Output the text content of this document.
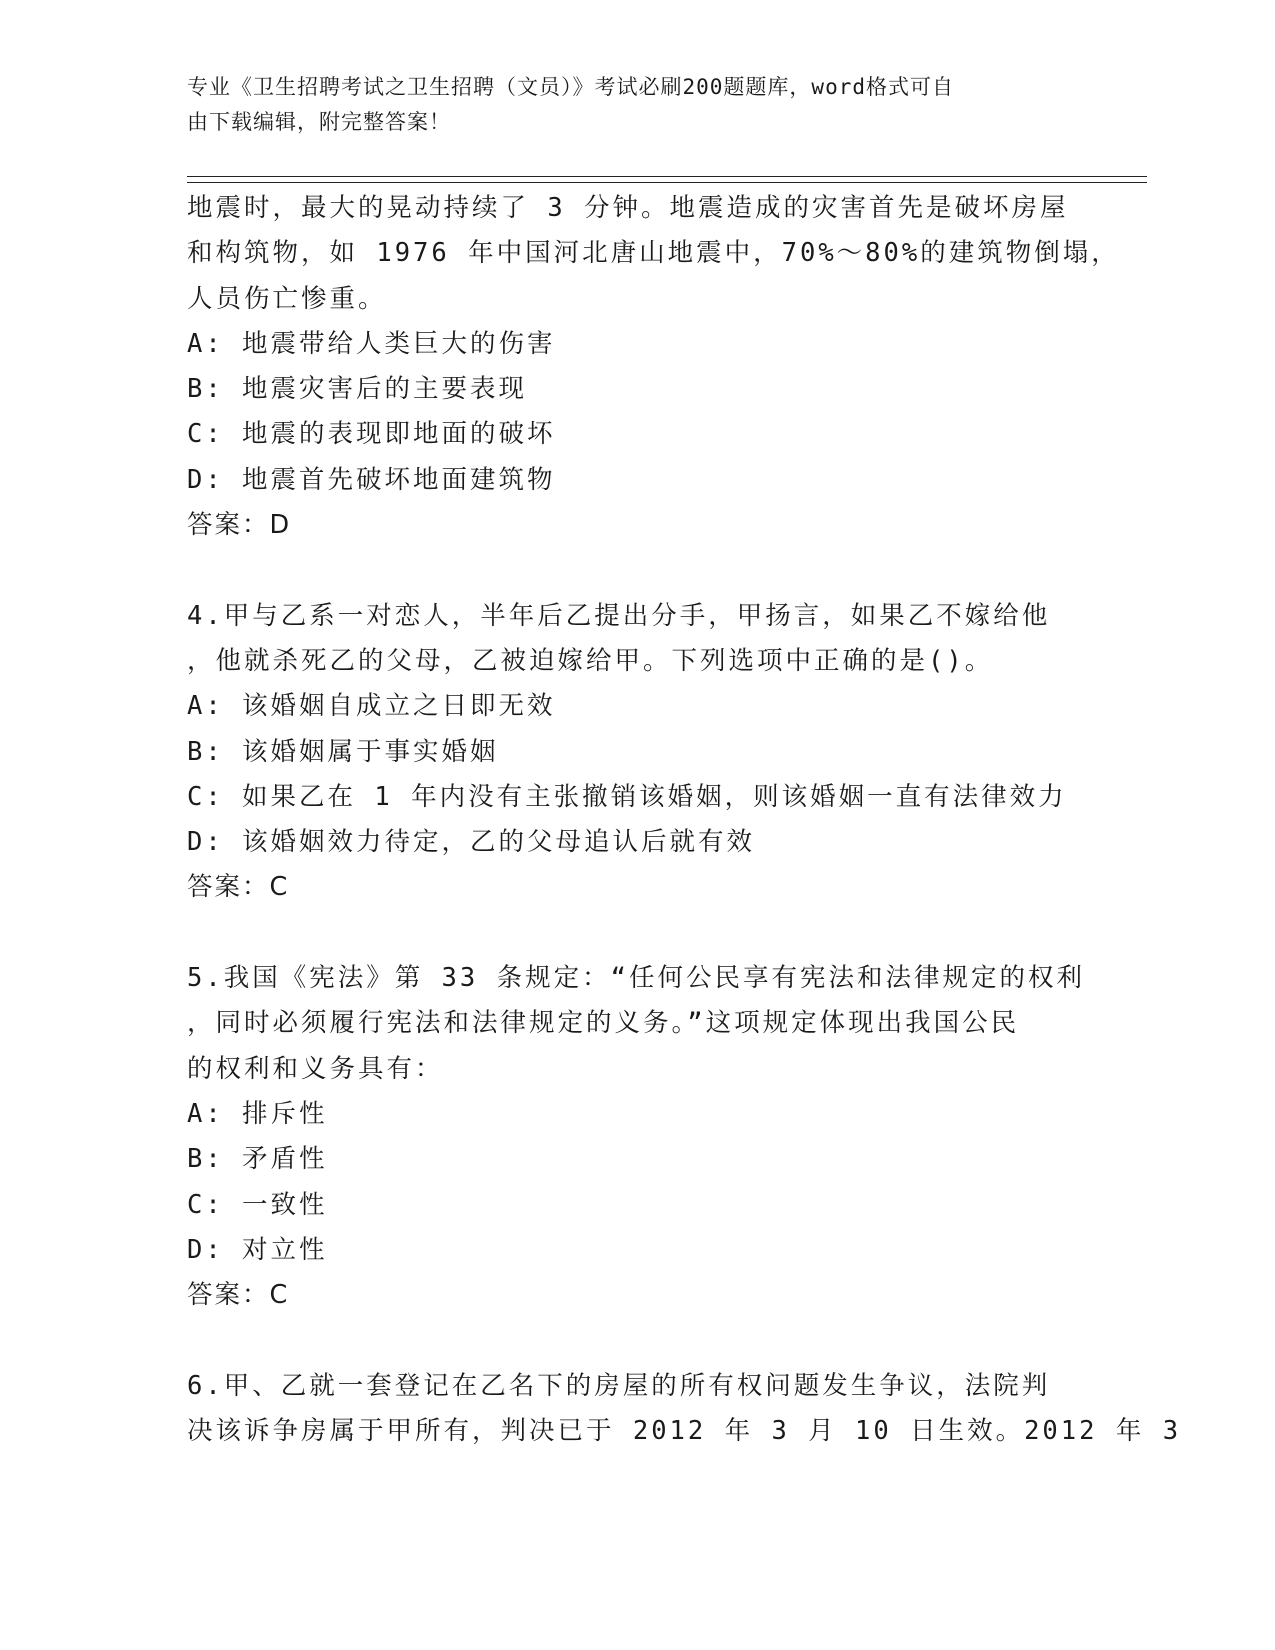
专业《卫生招聘考试之卫生招聘（文员）》考试必刷200题题库，word格式可自
由下载编辑，附完整答案！
地震时，最大的晃动持续了 3 分钟。地震造成的灾害首先是破坏房屋
和构筑物，如 1976 年中国河北唐山地震中，70%～80%的建筑物倒塌，
人员伤亡惨重。
A: 地震带给人类巨大的伤害
B: 地震灾害后的主要表现
C: 地震的表现即地面的破坏
D: 地震首先破坏地面建筑物
答案：D
4.甲与乙系一对恋人，半年后乙提出分手，甲扬言，如果乙不嫁给他
，他就杀死乙的父母，乙被迫嫁给甲。下列选项中正确的是()。
A: 该婚姻自成立之日即无效
B: 该婚姻属于事实婚姻
C: 如果乙在 1 年内没有主张撤销该婚姻，则该婚姻一直有法律效力
D: 该婚姻效力待定，乙的父母追认后就有效
答案：C
5.我国《宪法》第 33 条规定：“任何公民享有宪法和法律规定的权利
，同时必须履行宪法和法律规定的义务。”这项规定体现出我国公民
的权利和义务具有：
A: 排斥性
B: 矛盾性
C: 一致性
D: 对立性
答案：C
6.甲、乙就一套登记在乙名下的房屋的所有权问题发生争议，法院判
决该诉争房属于甲所有，判决已于 2012 年 3 月 10 日生效。2012 年 3
